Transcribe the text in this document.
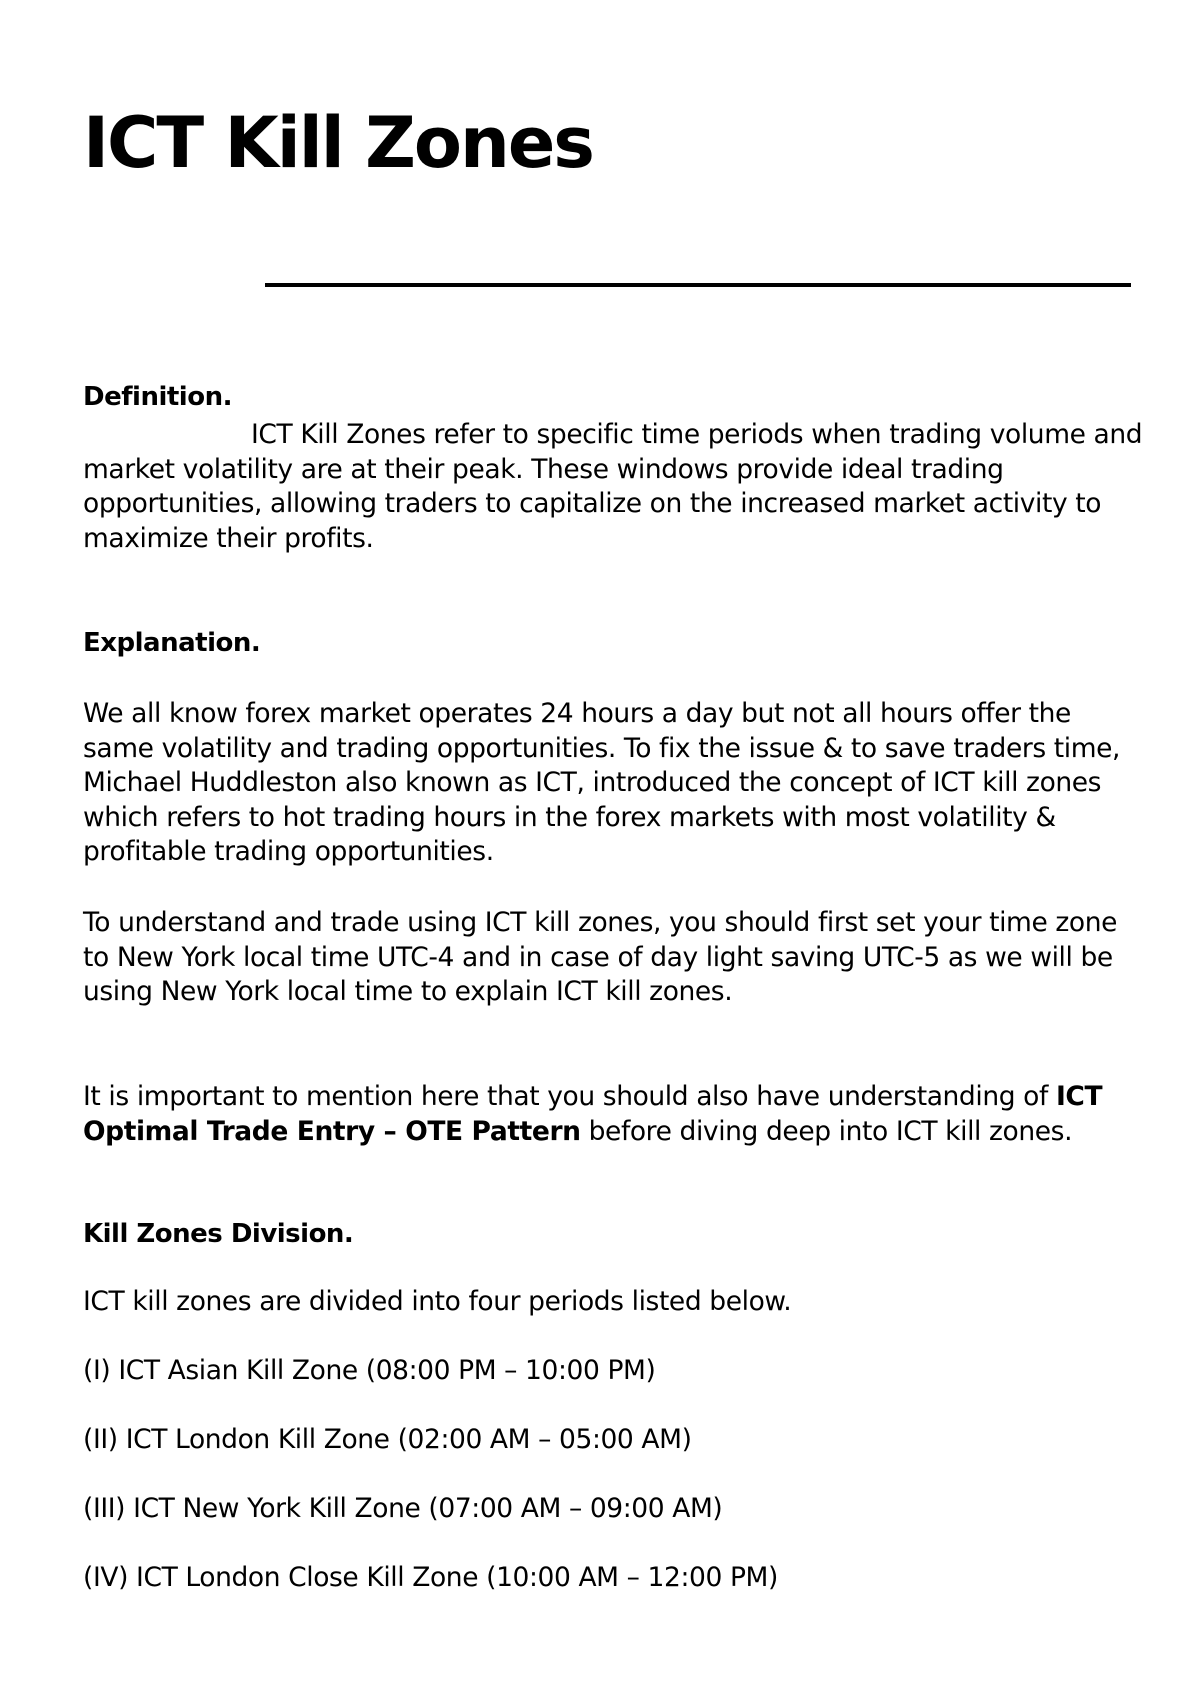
ICT Kill Zones
Definition.

ICT Kill Zones refer to specific time periods when trading volume and market volatility are at their peak. These windows provide ideal trading opportunities, allowing traders to capitalize on the increased market activity to maximize their profits.

Explanation.

We all know forex market operates 24 hours a day but not all hours offer the same volatility and trading opportunities. To fix the issue & to save traders time, Michael Huddleston also known as ICT, introduced the concept of ICT kill zones which refers to hot trading hours in the forex markets with most volatility & profitable trading opportunities.

To understand and trade using ICT kill zones, you should first set your time zone to New York local time UTC-4 and in case of day light saving UTC-5 as we will be using New York local time to explain ICT kill zones.

It is important to mention here that you should also have understanding of ICT Optimal Trade Entry – OTE Pattern before diving deep into ICT kill zones.

Kill Zones Division.

ICT kill zones are divided into four periods listed below.

(I) ICT Asian Kill Zone (08:00 PM – 10:00 PM)

(II) ICT London Kill Zone (02:00 AM – 05:00 AM)

(III) ICT New York Kill Zone (07:00 AM – 09:00 AM)

(IV) ICT London Close Kill Zone (10:00 AM – 12:00 PM)
